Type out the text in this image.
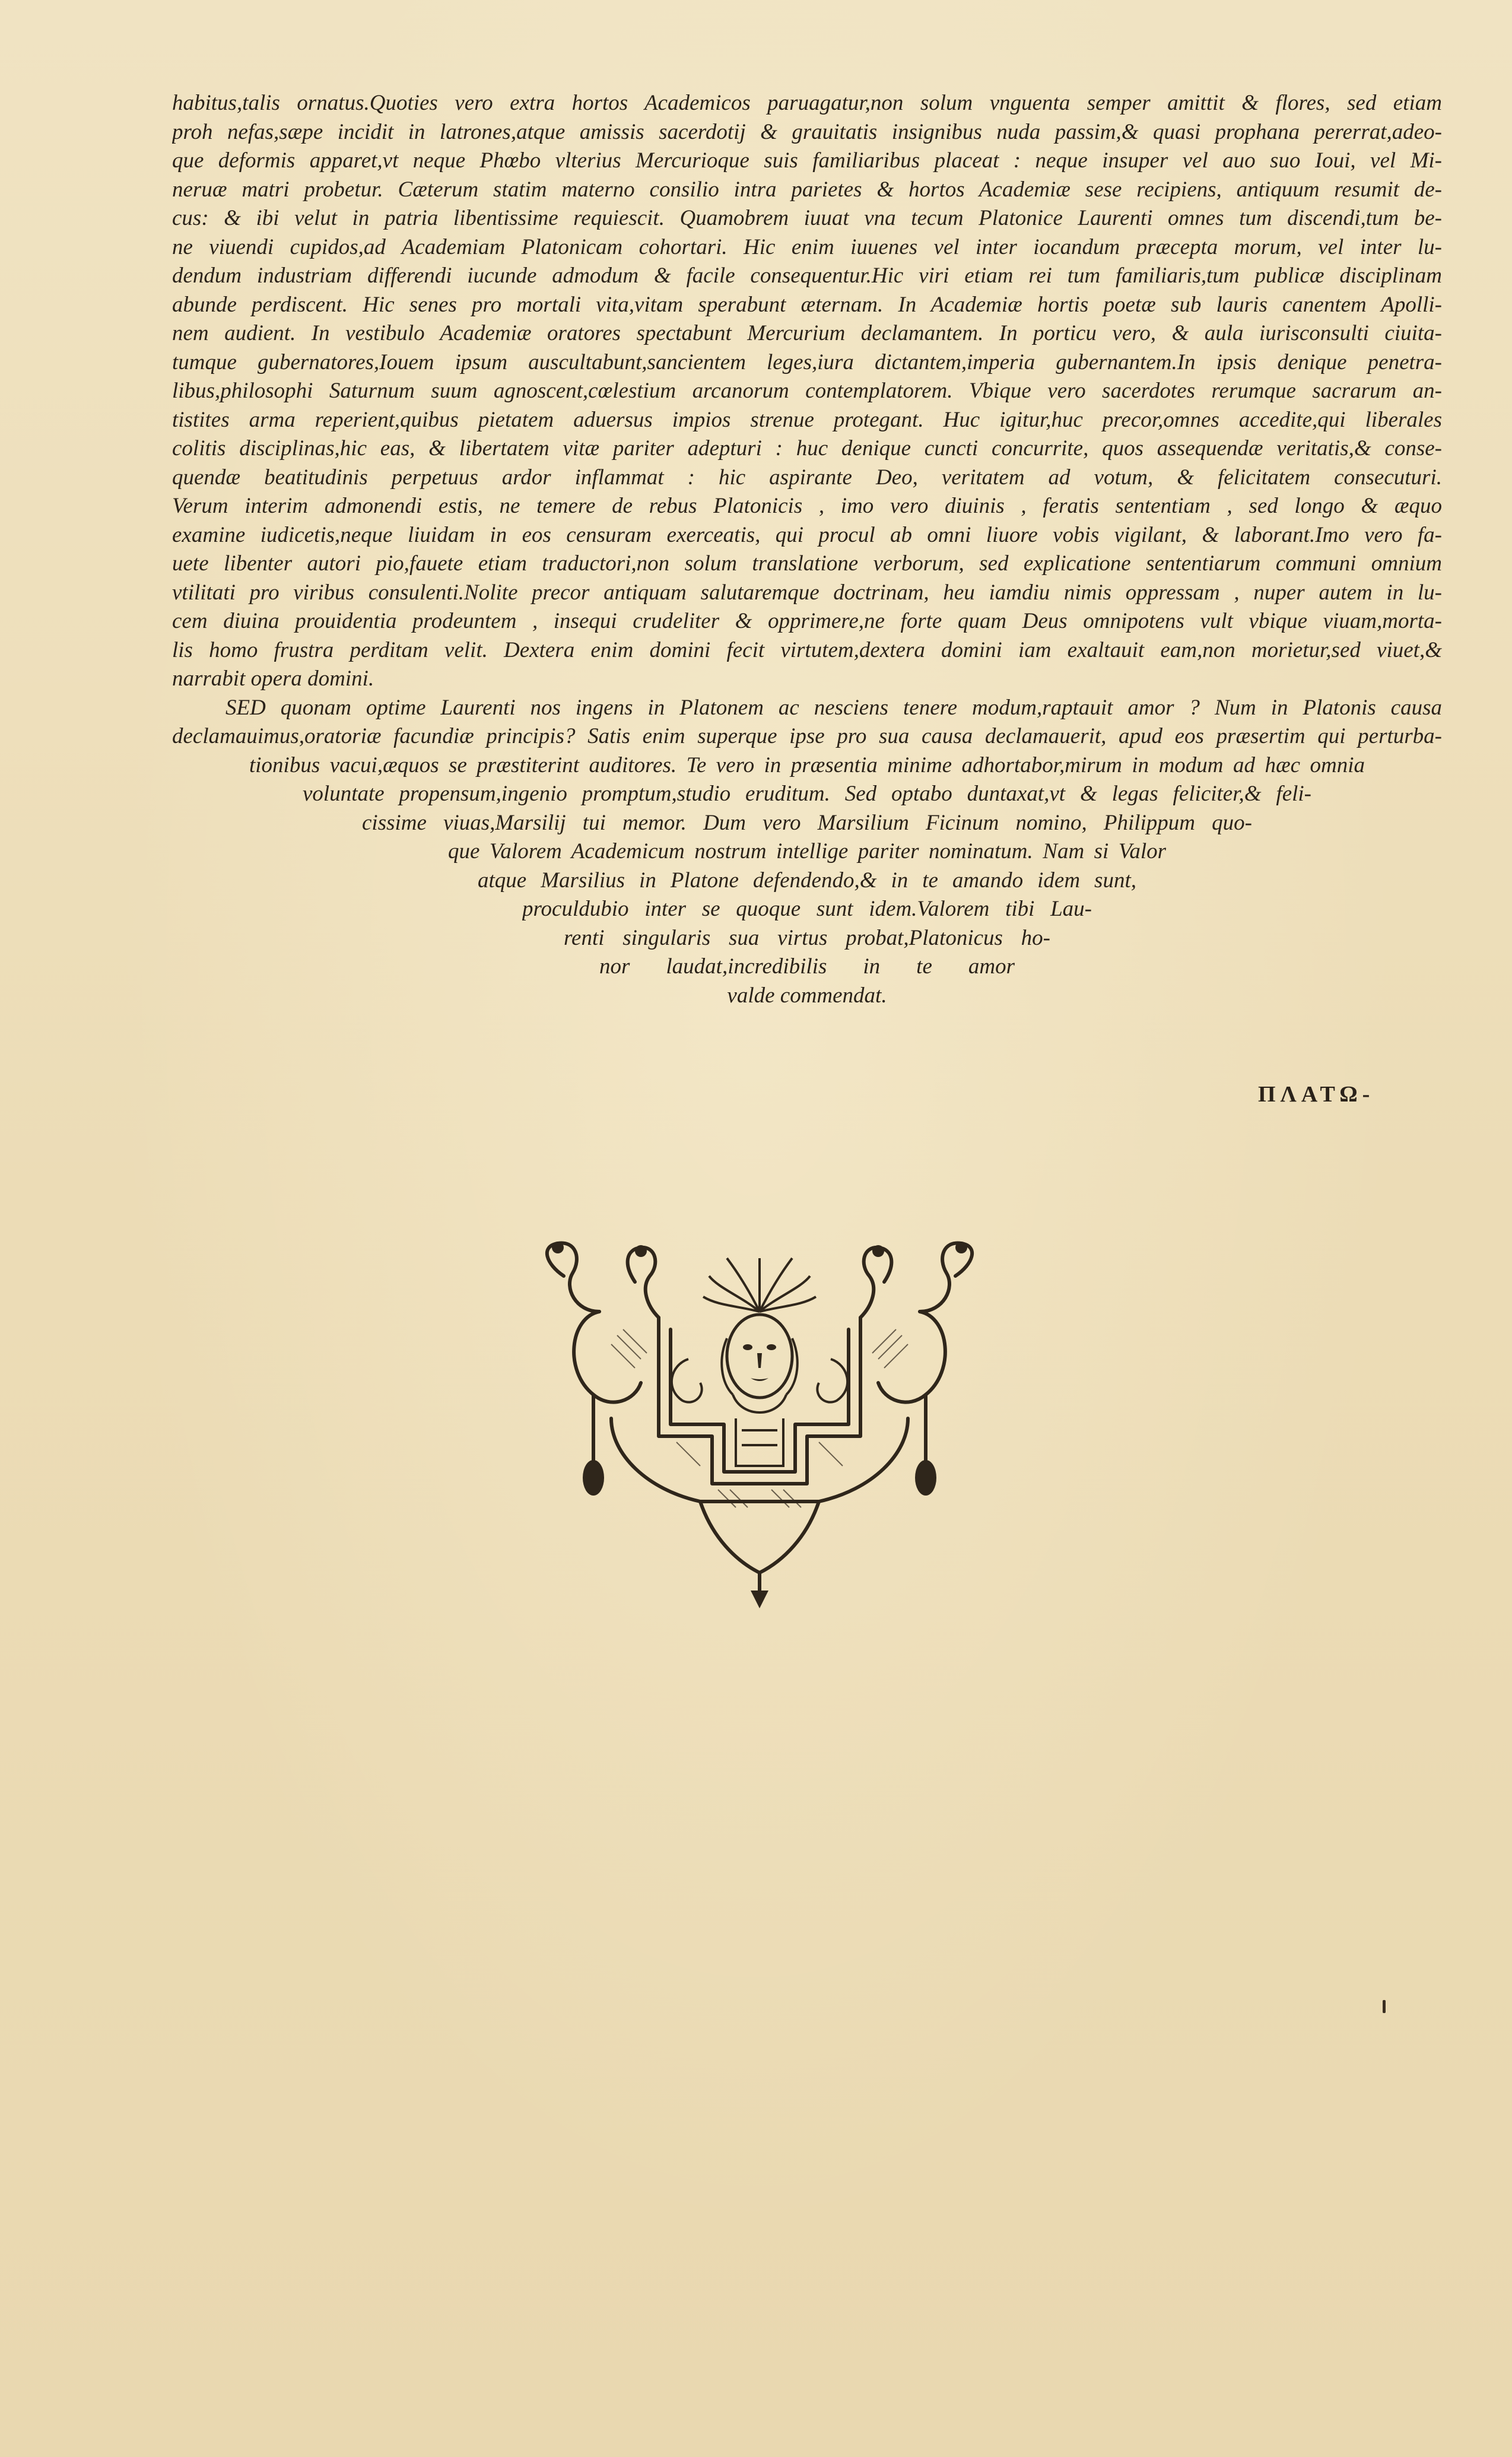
habitus,talis ornatus.Quoties vero extra hortos Academicos paruagatur,non solum vnguenta semper amittit & flores, sed etiam
proh nefas,sæpe incidit in latrones,atque amissis sacerdotij & grauitatis insignibus nuda passim,& quasi prophana pererrat,adeo-
que deformis apparet,vt neque Phœbo vlterius Mercurioque suis familiaribus placeat : neque insuper vel auo suo Ioui, vel Mi-
neruæ matri probetur. Cæterum statim materno consilio intra parietes & hortos Academiæ sese recipiens, antiquum resumit de-
cus: & ibi velut in patria libentissime requiescit. Quamobrem iuuat vna tecum Platonice Laurenti omnes tum discendi,tum be-
ne viuendi cupidos,ad Academiam Platonicam cohortari. Hic enim iuuenes vel inter iocandum præcepta morum, vel inter lu-
dendum industriam differendi iucunde admodum & facile consequentur.Hic viri etiam rei tum familiaris,tum publicæ disciplinam
abunde perdiscent. Hic senes pro mortali vita,vitam sperabunt æternam. In Academiæ hortis poetæ sub lauris canentem Apolli-
nem audient. In vestibulo Academiæ oratores spectabunt Mercurium declamantem. In porticu vero, & aula iurisconsulti ciuita-
tumque gubernatores,Iouem ipsum auscultabunt,sancientem leges,iura dictantem,imperia gubernantem.In ipsis denique penetra-
libus,philosophi Saturnum suum agnoscent,cœlestium arcanorum contemplatorem. Vbique vero sacerdotes rerumque sacrarum an-
tistites arma reperient,quibus pietatem aduersus impios strenue protegant. Huc igitur,huc precor,omnes accedite,qui liberales
colitis disciplinas,hic eas, & libertatem vitæ pariter adepturi : huc denique cuncti concurrite, quos assequendæ veritatis,& conse-
quendæ beatitudinis perpetuus ardor inflammat : hic aspirante Deo, veritatem ad votum, & felicitatem consecuturi.
Verum interim admonendi estis, ne temere de rebus Platonicis , imo vero diuinis , feratis sententiam , sed longo & æquo
examine iudicetis,neque liuidam in eos censuram exerceatis, qui procul ab omni liuore vobis vigilant, & laborant.Imo vero fa-
uete libenter autori pio,fauete etiam traductori,non solum translatione verborum, sed explicatione sententiarum communi omnium
vtilitati pro viribus consulenti.Nolite precor antiquam salutaremque doctrinam, heu iamdiu nimis oppressam , nuper autem in lu-
cem diuina prouidentia prodeuntem , insequi crudeliter & opprimere,ne forte quam Deus omnipotens vult vbique viuam,morta-
lis homo frustra perditam velit. Dextera enim domini fecit virtutem,dextera domini iam exaltauit eam,non morietur,sed viuet,&
narrabit opera domini.
SED quonam optime Laurenti nos ingens in Platonem ac nesciens tenere modum,raptauit amor ? Num in Platonis causa
declamauimus,oratoriæ facundiæ principis? Satis enim superque ipse pro sua causa declamauerit, apud eos præsertim qui perturba-
tionibus vacui,æquos se præstiterint auditores. Te vero in præsentia minime adhortabor,mirum in modum ad hæc omnia
voluntate propensum,ingenio promptum,studio eruditum. Sed optabo duntaxat,vt & legas feliciter,& feli-
cissime viuas,Marsilij tui memor. Dum vero Marsilium Ficinum nomino, Philippum quo-
que Valorem Academicum nostrum intellige pariter nominatum. Nam si Valor
atque Marsilius in Platone defendendo,& in te amando idem sunt,
proculdubio inter se quoque sunt idem.Valorem tibi Lau-
renti singularis sua virtus probat,Platonicus ho-
nor laudat,incredibilis in te amor
valde commendat.
ΠΛΑΤΩ-
